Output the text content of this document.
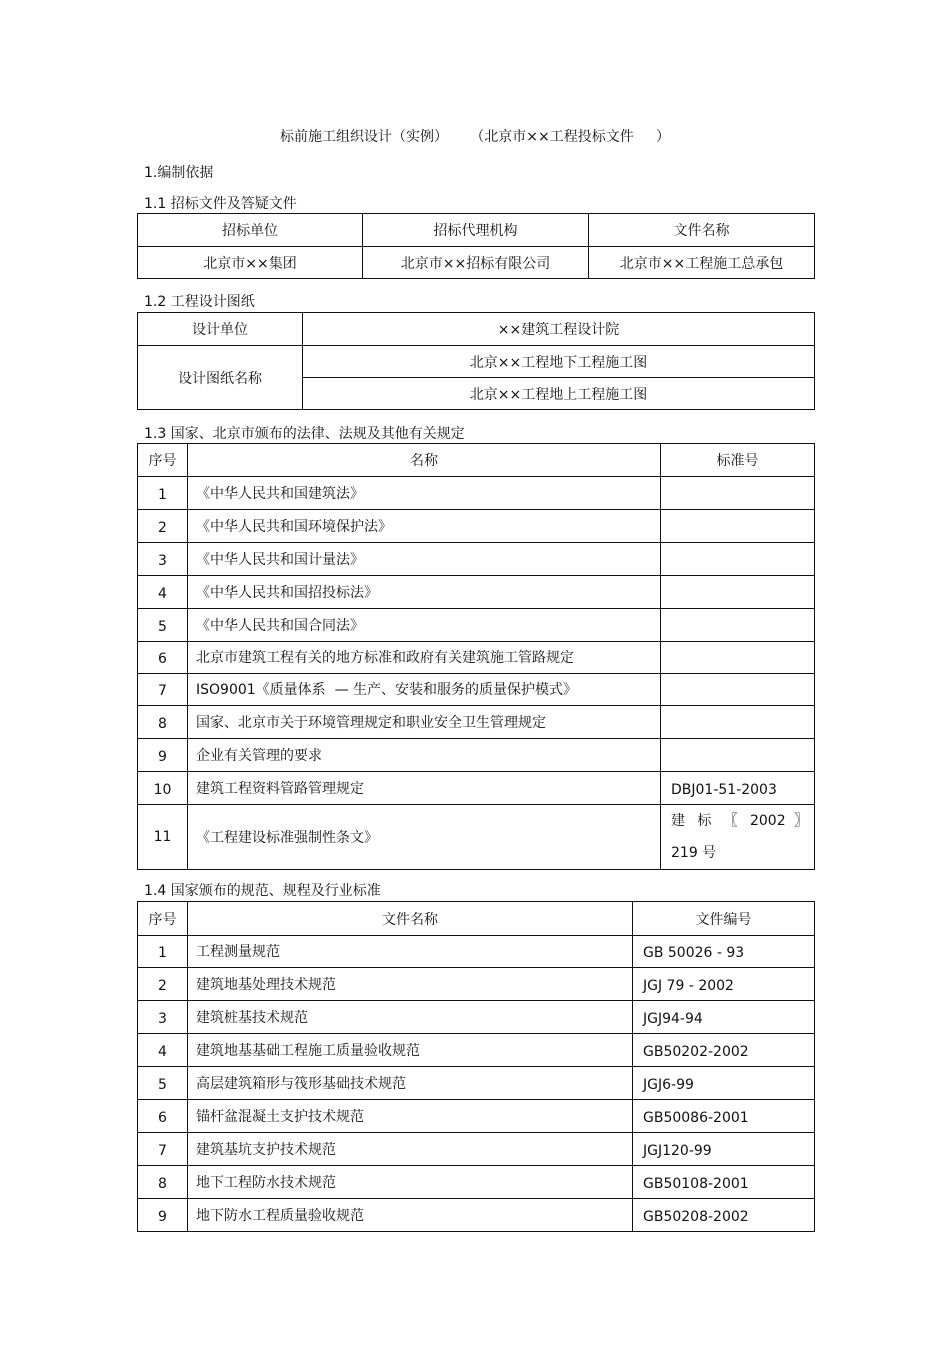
标前施工组织设计（实例）     （北京市××工程投标文件     ）
1.编制依据
1.1 招标文件及答疑文件
招标单位	招标代理机构	文件名称
北京市××集团	北京市××招标有限公司	北京市××工程施工总承包
1.2 工程设计图纸
设计单位	××建筑工程设计院
设计图纸名称	北京××工程地下工程施工图
	北京××工程地上工程施工图
1.3 国家、北京市颁布的法律、法规及其他有关规定
序号	名称	标准号
1	《中华人民共和国建筑法》	
2	《中华人民共和国环境保护法》	
3	《中华人民共和国计量法》	
4	《中华人民共和国招投标法》	
5	《中华人民共和国合同法》	
6	北京市建筑工程有关的地方标准和政府有关建筑施工管路规定	
7	ISO9001《质量体系  — 生产、安装和服务的质量保护模式》	
8	国家、北京市关于环境管理规定和职业安全卫生管理规定	
9	企业有关管理的要求	
10	建筑工程资料管路管理规定	DBJ01-51-2003
11	《工程建设标准强制性条文》	建 标 〖 2002 〗 219 号
1.4 国家颁布的规范、规程及行业标准
序号	文件名称	文件编号
1	工程测量规范	GB 50026 - 93
2	建筑地基处理技术规范	JGJ 79 - 2002
3	建筑桩基技术规范	JGJ94-94
4	建筑地基基础工程施工质量验收规范	GB50202-2002
5	高层建筑箱形与筏形基础技术规范	JGJ6-99
6	锚杆盆混凝土支护技术规范	GB50086-2001
7	建筑基坑支护技术规范	JGJ120-99
8	地下工程防水技术规范	GB50108-2001
9	地下防水工程质量验收规范	GB50208-2002
